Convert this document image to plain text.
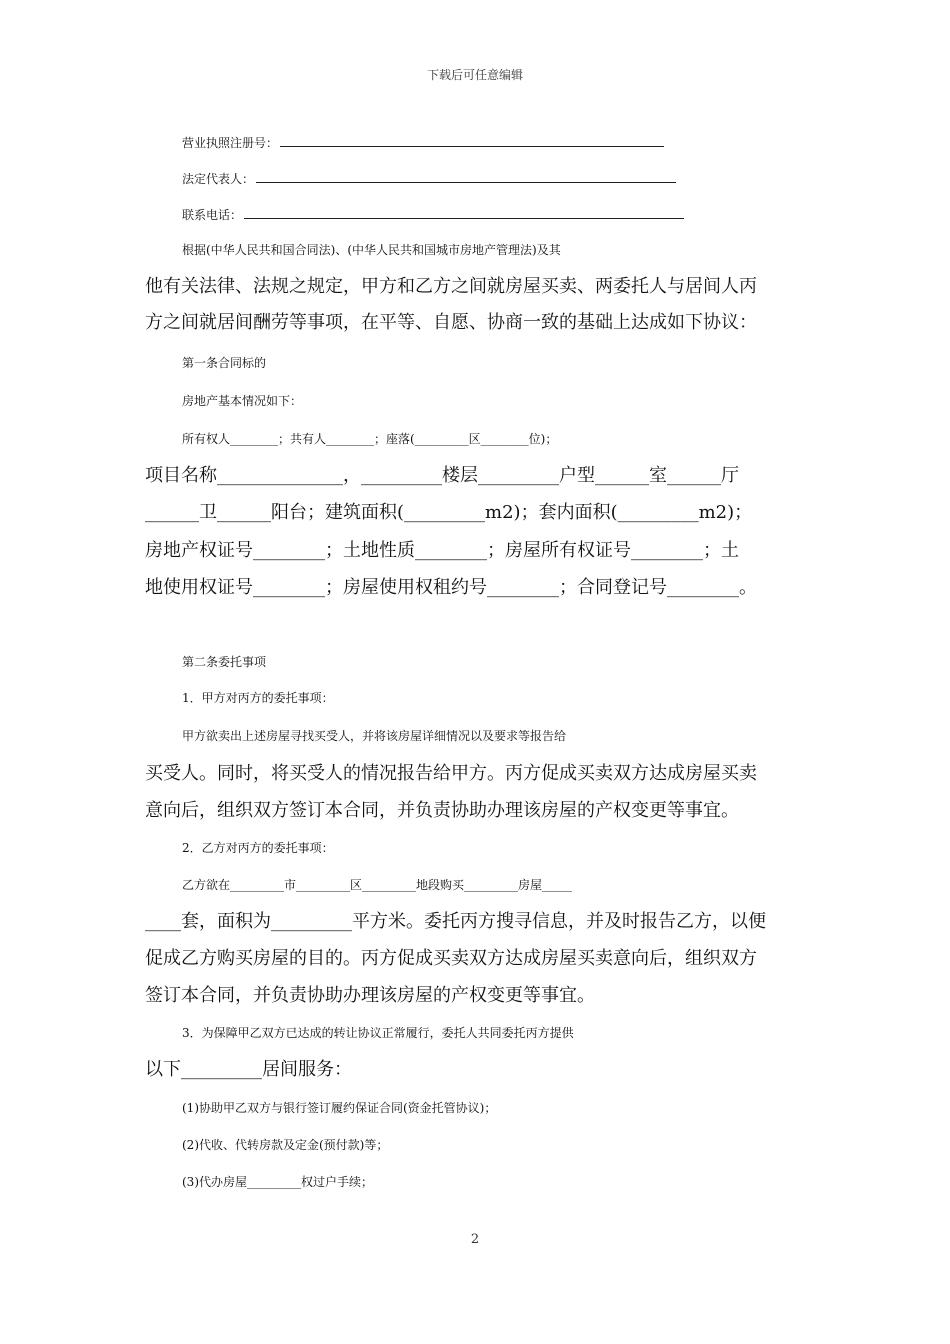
下载后可任意编辑
营业执照注册号：
法定代表人：
联系电话：
根据(中华人民共和国合同法)、(中华人民共和国城市房地产管理法)及其
他有关法律、法规之规定，甲方和乙方之间就房屋买卖、两委托人与居间人丙
方之间就居间酬劳等事项，在平等、自愿、协商一致的基础上达成如下协议：
第一条合同标的
房地产基本情况如下：
所有权人________；共有人________；座落(_________区________位)；
项目名称______________，_________楼层_________户型______室______厅
______卫______阳台；建筑面积(_________m2)；套内面积(_________m2)；
房地产权证号________；土地性质________；房屋所有权证号________；土
地使用权证号________；房屋使用权租约号________；合同登记号________。
第二条委托事项
1．甲方对丙方的委托事项：
甲方欲卖出上述房屋寻找买受人，并将该房屋详细情况以及要求等报告给
买受人。同时，将买受人的情况报告给甲方。丙方促成买卖双方达成房屋买卖
意向后，组织双方签订本合同，并负责协助办理该房屋的产权变更等事宜。
2．乙方对丙方的委托事项：
乙方欲在_________市_________区_________地段购买_________房屋_____
____套，面积为_________平方米。委托丙方搜寻信息，并及时报告乙方，以便
促成乙方购买房屋的目的。丙方促成买卖双方达成房屋买卖意向后，组织双方
签订本合同，并负责协助办理该房屋的产权变更等事宜。
3．为保障甲乙双方已达成的转让协议正常履行，委托人共同委托丙方提供
以下_________居间服务：
(1)协助甲乙双方与银行签订履约保证合同(资金托管协议)；
(2)代收、代转房款及定金(预付款)等；
(3)代办房屋_________权过户手续；
2
